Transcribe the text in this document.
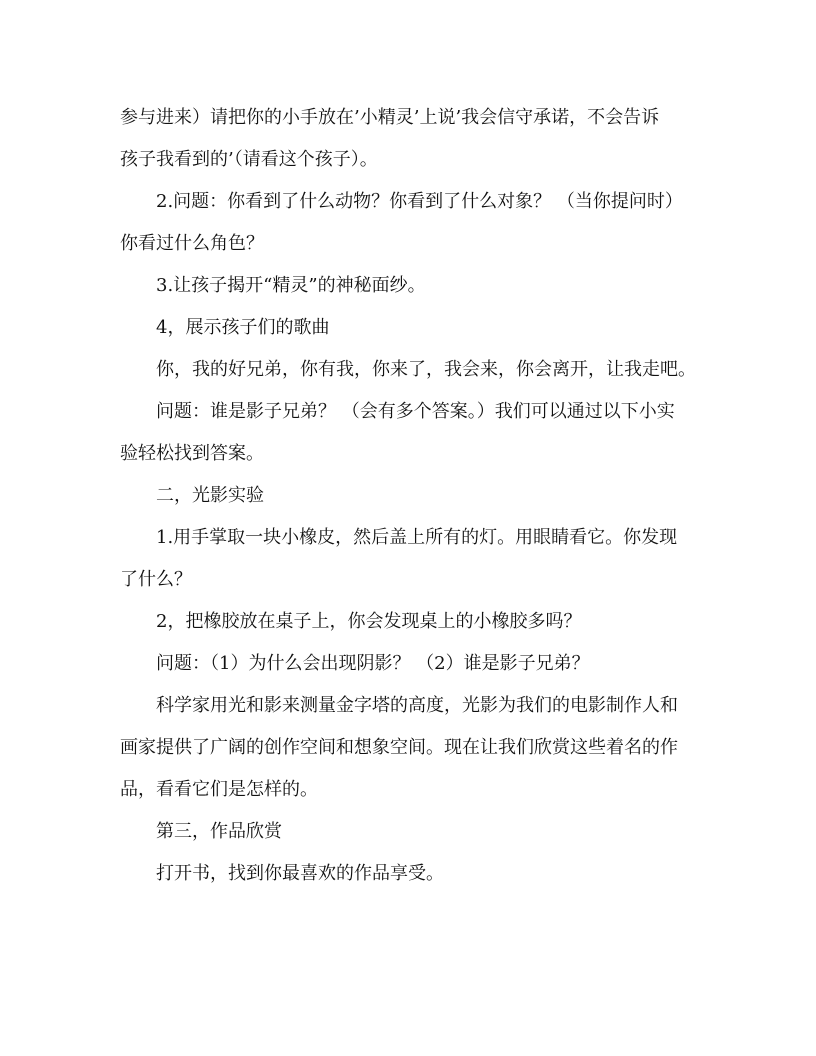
参与进来）请把你的小手放在’小精灵’上说’我会信守承诺，不会告诉

孩子我看到的’（请看这个孩子）。

2.问题：你看到了什么动物？你看到了什么对象？ （当你提问时）

你看过什么角色？

3.让孩子揭开“精灵”的神秘面纱。

4，展示孩子们的歌曲

你，我的好兄弟，你有我，你来了，我会来，你会离开，让我走吧。

问题：谁是影子兄弟？ （会有多个答案。）我们可以通过以下小实

验轻松找到答案。

二，光影实验

1.用手掌取一块小橡皮，然后盖上所有的灯。用眼睛看它。你发现

了什么？

2，把橡胶放在桌子上，你会发现桌上的小橡胶多吗？

问题：（1）为什么会出现阴影？ （2）谁是影子兄弟？

科学家用光和影来测量金字塔的高度，光影为我们的电影制作人和

画家提供了广阔的创作空间和想象空间。现在让我们欣赏这些着名的作

品，看看它们是怎样的。

第三，作品欣赏

打开书，找到你最喜欢的作品享受。
